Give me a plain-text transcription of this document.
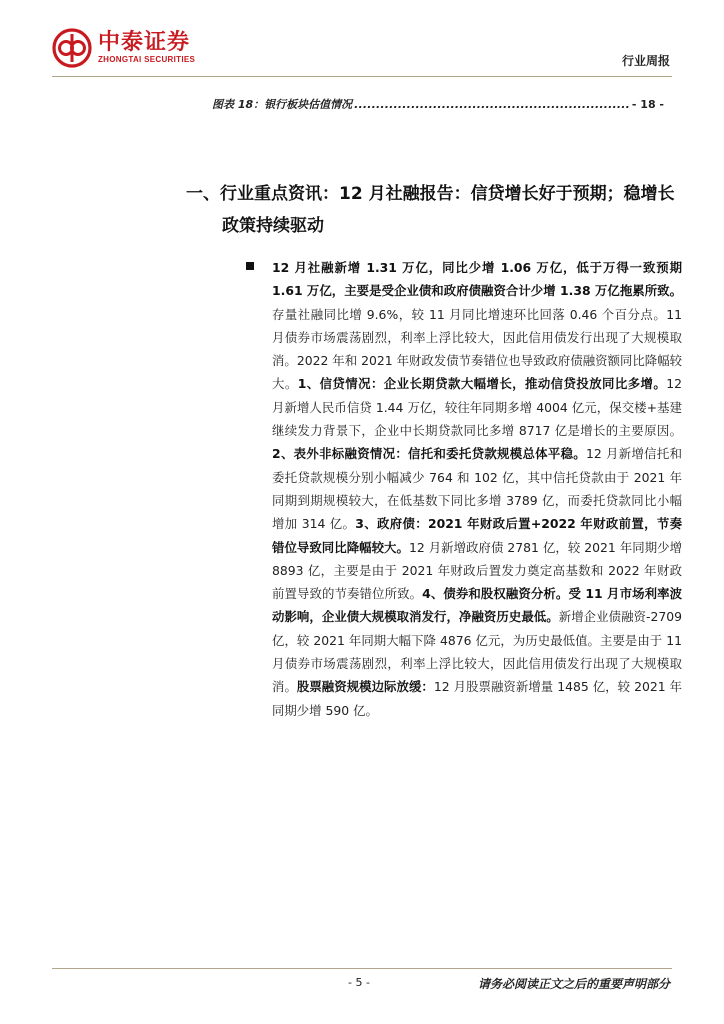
中泰证券
ZHONGTAI SECURITIES	行业周报
图表 18：银行板块估值情况
.....	- 18 -
一、行业重点资讯：12 月社融报告：信贷增长好于预期；稳增长
政策持续驱动
12 月社融新增 1.31 万亿，同比少增 1.06 万亿，低于万得一致预期 1.61 万亿，主要是受企业债和政府债融资合计少增 1.38 万亿拖累所致。存量社融同比增 9.6%，较 11 月同比增速环比回落 0.46 个百分点。11 月债券市场震荡剧烈，利率上浮比较大，因此信用债发行出现了大规模取消。2022 年和 2021 年财政发债节奏错位也导致政府债融资额同比降幅较大。1、信贷情况：企业长期贷款大幅增长，推动信贷投放同比多增。12 月新增人民币信贷 1.44 万亿，较往年同期多增 4004 亿元，保交楼+基建继续发力背景下，企业中长期贷款同比多增 8717 亿是增长的主要原因。2、表外非标融资情况：信托和委托贷款规模总体平稳。12 月新增信托和委托贷款规模分别小幅减少 764 和 102 亿，其中信托贷款由于 2021 年同期到期规模较大，在低基数下同比多增 3789 亿，而委托贷款同比小幅增加 314 亿。3、政府债：2021 年财政后置+2022 年财政前置，节奏错位导致同比降幅较大。12 月新增政府债 2781 亿，较 2021 年同期少增 8893 亿，主要是由于 2021 年财政后置发力奠定高基数和 2022 年财政前置导致的节奏错位所致。4、债券和股权融资分析。受 11 月市场利率波动影响，企业债大规模取消发行，净融资历史最低。新增企业债融资-2709 亿，较 2021 年同期大幅下降 4876 亿元，为历史最低值。主要是由于 11 月债券市场震荡剧烈，利率上浮比较大，因此信用债发行出现了大规模取消。股票融资规模边际放缓：12 月股票融资新增量 1485 亿，较 2021 年同期少增 590 亿。
- 5 -	请务必阅读正文之后的重要声明部分
